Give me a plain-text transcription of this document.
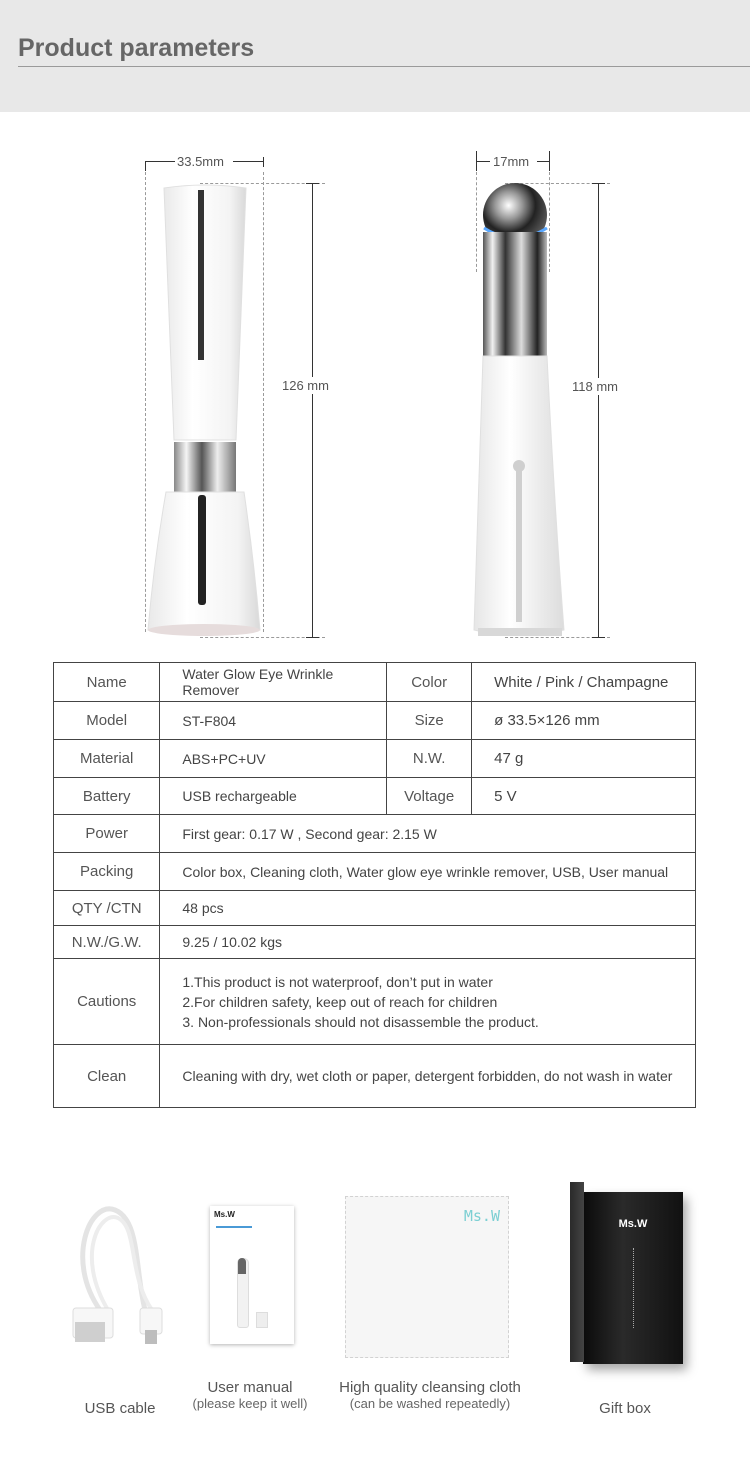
Product parameters
33.5mm
126 mm
17mm
118 mm
Name	Water Glow Eye Wrinkle Remover	Color	White / Pink / Champagne
Model	ST-F804	Size	ø 33.5×126 mm
Material	ABS+PC+UV	N.W.	47 g
Battery	USB rechargeable	Voltage	5 V
Power	First gear: 0.17 W , Second gear: 2.15 W		
Packing	Color box, Cleaning cloth, Water glow eye wrinkle remover, USB, User manual		
QTY /CTN	48 pcs		
N.W./G.W.	9.25 / 10.02 kgs		
Cautions	1.This product is not waterproof, don’t put in water
2.For children safety, keep out of reach for children
3. Non-professionals should not disassemble the product.		

Clean	Cleaning with dry, wet cloth or paper, detergent forbidden, do not wash in water		
USB cable
Ms.W
User manual
(please keep it well)
Ms.W
High quality cleansing cloth
(can be washed repeatedly)
Ms.W
Gift box
